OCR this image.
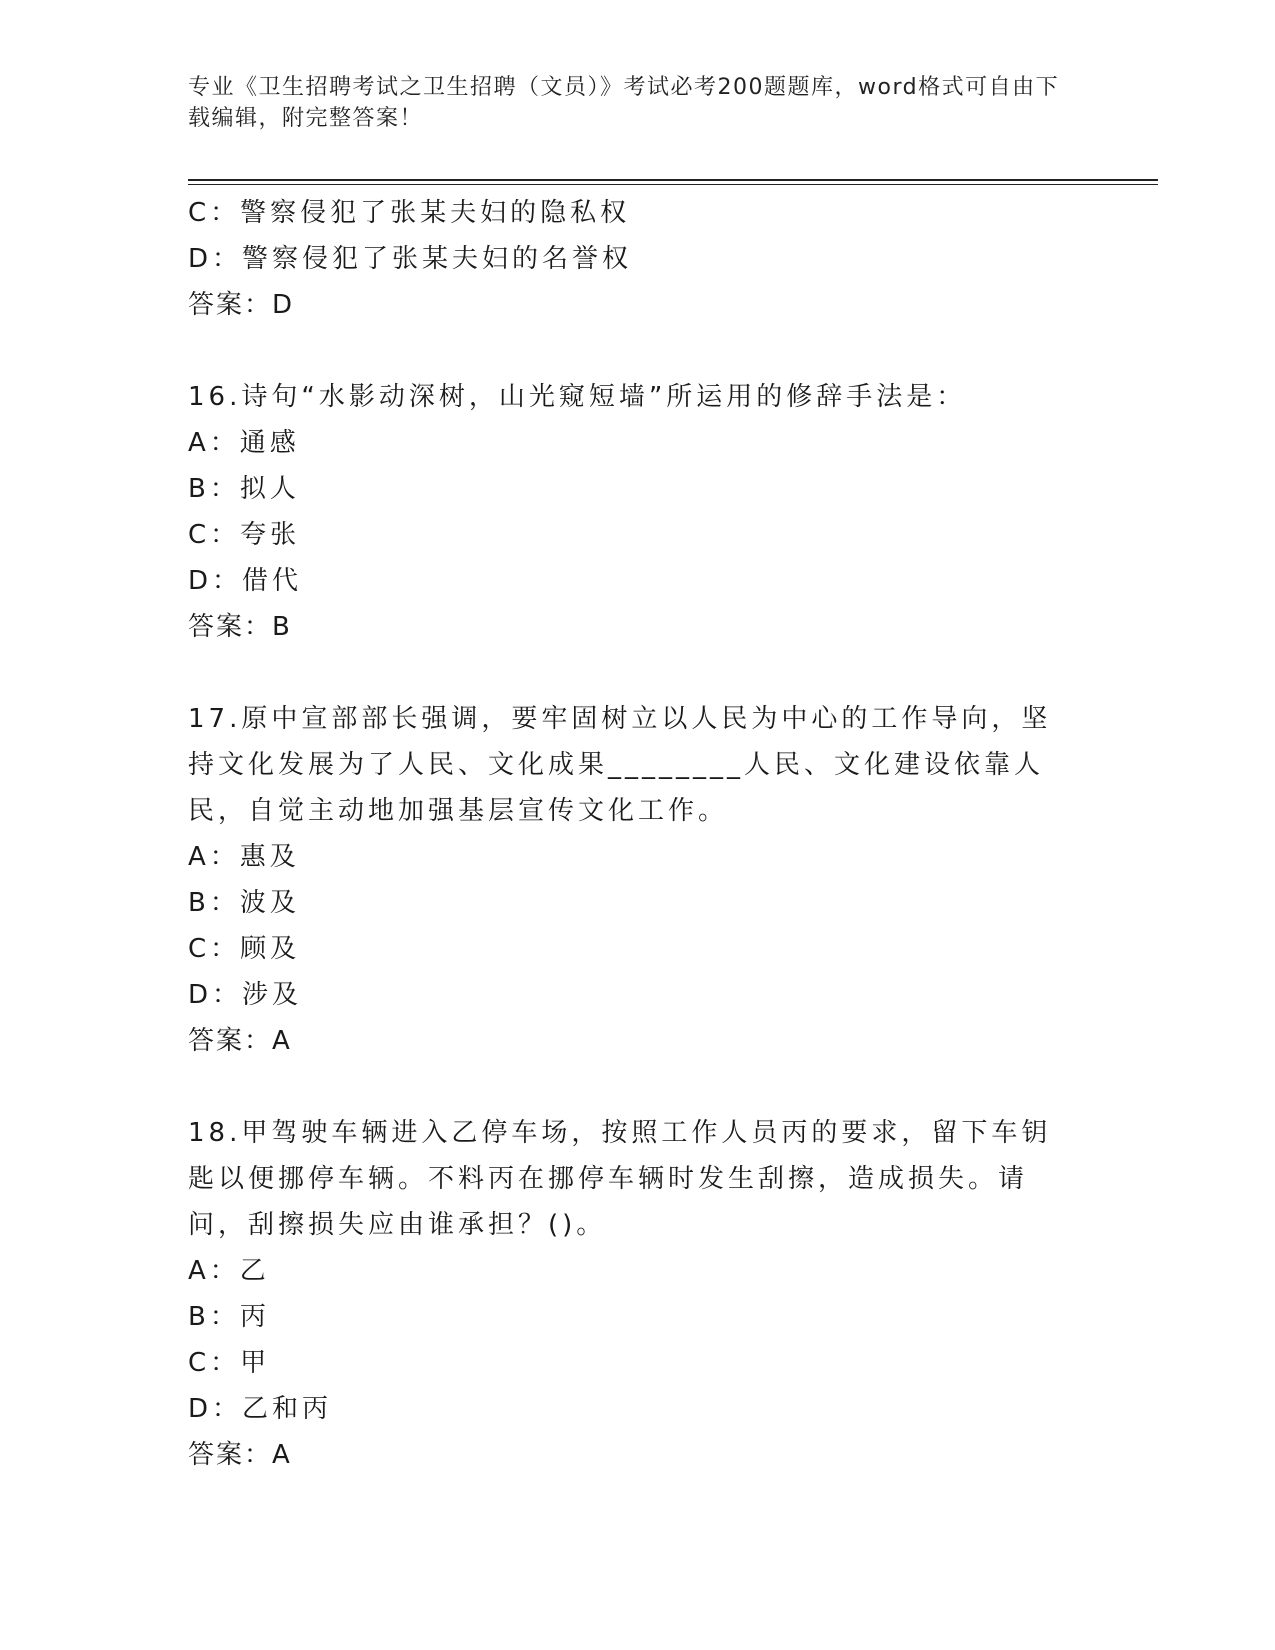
专业《卫生招聘考试之卫生招聘（文员）》考试必考200题题库，word格式可自由下载编辑，附完整答案！
C：警察侵犯了张某夫妇的隐私权
D：警察侵犯了张某夫妇的名誉权
答案：D
16.诗句“水影动深树，山光窥短墙”所运用的修辞手法是：
A：通感
B：拟人
C：夸张
D：借代
答案：B
17.原中宣部部长强调，要牢固树立以人民为中心的工作导向，坚持文化发展为了人民、文化成果________人民、文化建设依靠人民，自觉主动地加强基层宣传文化工作。
A：惠及
B：波及
C：顾及
D：涉及
答案：A
18.甲驾驶车辆进入乙停车场，按照工作人员丙的要求，留下车钥匙以便挪停车辆。不料丙在挪停车辆时发生刮擦，造成损失。请问，刮擦损失应由谁承担？()。
A：乙
B：丙
C：甲
D：乙和丙
答案：A
